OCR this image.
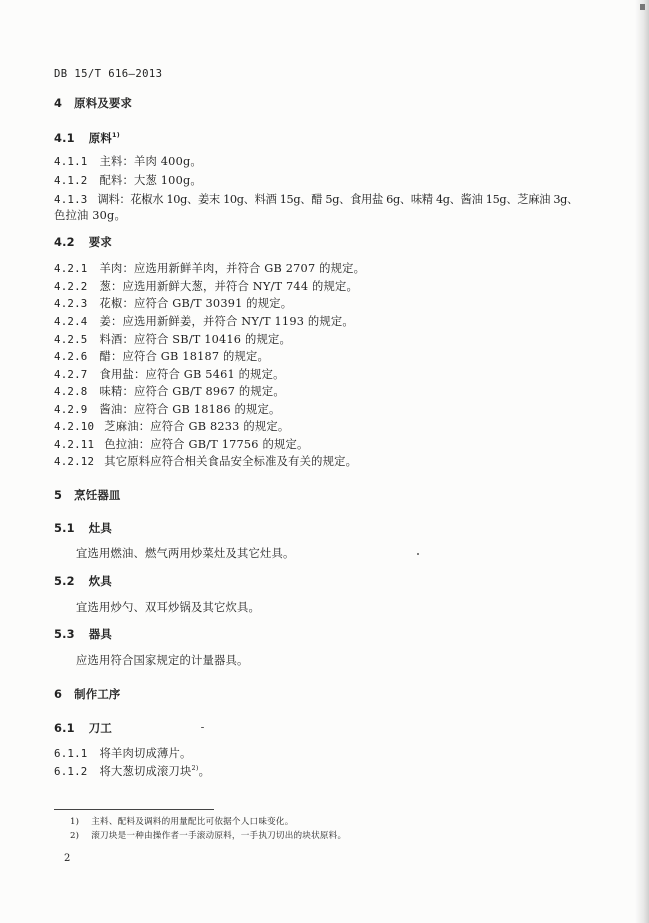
DB 15/T 616—2013
4 原料及要求
4.1 原料$^{1)}$
4.1.1 主料：羊肉 400g。
4.1.2 配料：大葱 100g。
4.1.3 调料：花椒水 10g、姜末 10g、料酒 15g、醋 5g、食用盐 6g、味精 4g、酱油 15g、芝麻油 3g、
色拉油 30g。
4.2 要求
4.2.1 羊肉：应选用新鲜羊肉，并符合 GB 2707 的规定。
4.2.2 葱：应选用新鲜大葱，并符合 NY/T 744 的规定。
4.2.3 花椒：应符合 GB/T 30391 的规定。
4.2.4 姜：应选用新鲜姜，并符合 NY/T 1193 的规定。
4.2.5 料酒：应符合 SB/T 10416 的规定。
4.2.6 醋：应符合 GB 18187 的规定。
4.2.7 食用盐：应符合 GB 5461 的规定。
4.2.8 味精：应符合 GB/T 8967 的规定。
4.2.9 酱油：应符合 GB 18186 的规定。
4.2.10 芝麻油：应符合 GB 8233 的规定。
4.2.11 色拉油：应符合 GB/T 17756 的规定。
4.2.12 其它原料应符合相关食品安全标准及有关的规定。
5 烹饪器皿
5.1 灶具
宜选用燃油、燃气两用炒菜灶及其它灶具。
5.2 炊具
宜选用炒勺、双耳炒锅及其它炊具。
5.3 器具
应选用符合国家规定的计量器具。
6 制作工序
6.1 刀工
6.1.1 将羊肉切成薄片。
6.1.2 将大葱切成滚刀块$^{2)}$。
1) 主料、配料及调料的用量配比可依据个人口味变化。
2) 滚刀块是一种由操作者一手滚动原料，一手执刀切出的块状原料。
2
